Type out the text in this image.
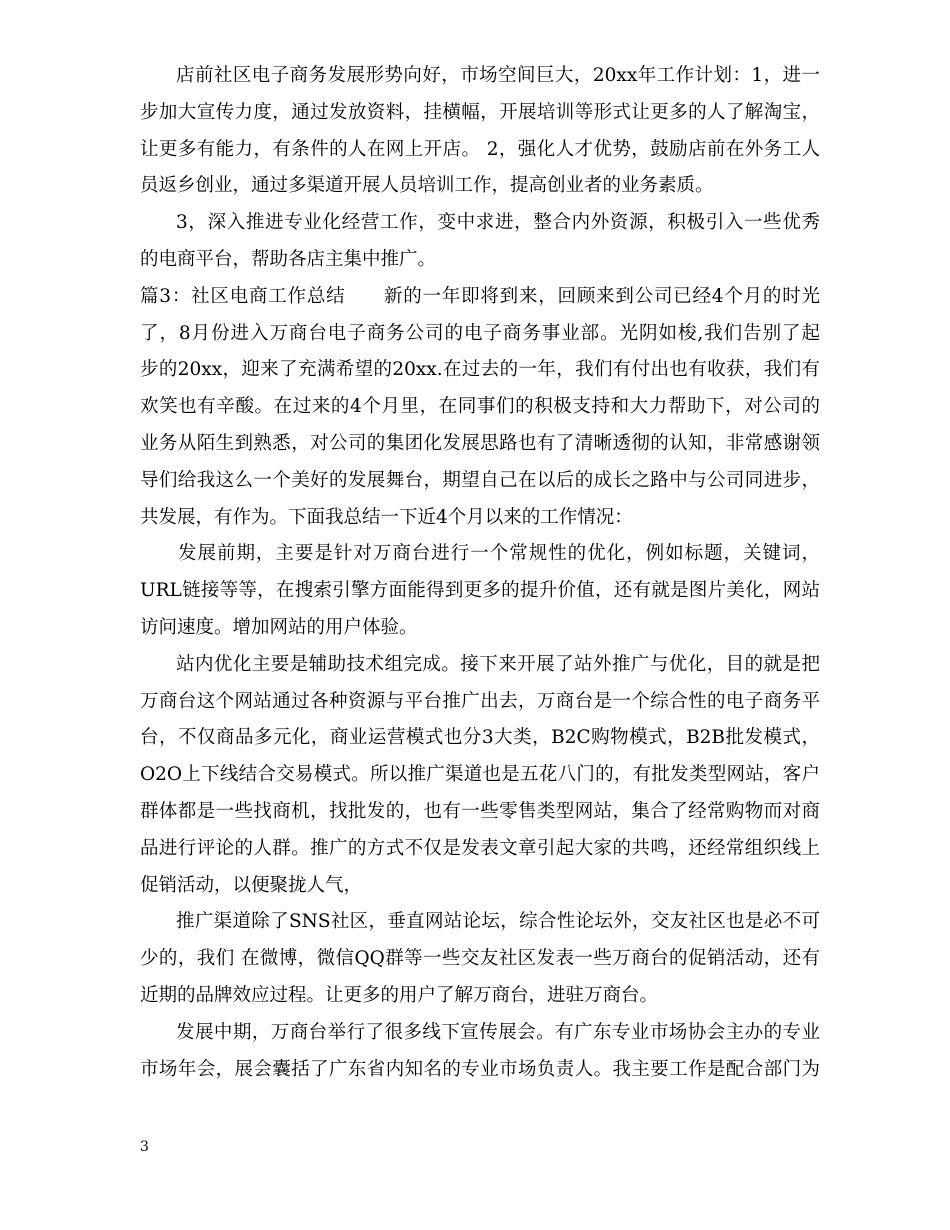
店前社区电子商务发展形势向好，市场空间巨大，20xx年工作计划：1，进一
步加大宣传力度，通过发放资料，挂横幅，开展培训等形式让更多的人了解淘宝，
让更多有能力，有条件的人在网上开店。 2，强化人才优势，鼓励店前在外务工人
员返乡创业，通过多渠道开展人员培训工作，提高创业者的业务素质。
3，深入推进专业化经营工作，变中求进，整合内外资源，积极引入一些优秀
的电商平台，帮助各店主集中推广。
篇3：社区电商工作总结　　新的一年即将到来，回顾来到公司已经4个月的时光
了，8月份进入万商台电子商务公司的电子商务事业部。光阴如梭,我们告别了起
步的20xx，迎来了充满希望的20xx.在过去的一年，我们有付出也有收获，我们有
欢笑也有辛酸。在过来的4个月里，在同事们的积极支持和大力帮助下，对公司的
业务从陌生到熟悉，对公司的集团化发展思路也有了清晰透彻的认知，非常感谢领
导们给我这么一个美好的发展舞台，期望自己在以后的成长之路中与公司同进步，
共发展，有作为。下面我总结一下近4个月以来的工作情况：
发展前期，主要是针对万商台进行一个常规性的优化，例如标题，关键词，
URL链接等等，在搜索引擎方面能得到更多的提升价值，还有就是图片美化，网站
访问速度。增加网站的用户体验。
站内优化主要是辅助技术组完成。接下来开展了站外推广与优化，目的就是把
万商台这个网站通过各种资源与平台推广出去，万商台是一个综合性的电子商务平
台，不仅商品多元化，商业运营模式也分3大类，B2C购物模式，B2B批发模式，
O2O上下线结合交易模式。所以推广渠道也是五花八门的，有批发类型网站，客户
群体都是一些找商机，找批发的，也有一些零售类型网站，集合了经常购物而对商
品进行评论的人群。推广的方式不仅是发表文章引起大家的共鸣，还经常组织线上
促销活动，以便聚拢人气，
推广渠道除了SNS社区，垂直网站论坛，综合性论坛外，交友社区也是必不可
少的，我们 在微博，微信QQ群等一些交友社区发表一些万商台的促销活动，还有
近期的品牌效应过程。让更多的用户了解万商台，进驻万商台。
发展中期，万商台举行了很多线下宣传展会。有广东专业市场协会主办的专业
市场年会，展会囊括了广东省内知名的专业市场负责人。我主要工作是配合部门为
3
